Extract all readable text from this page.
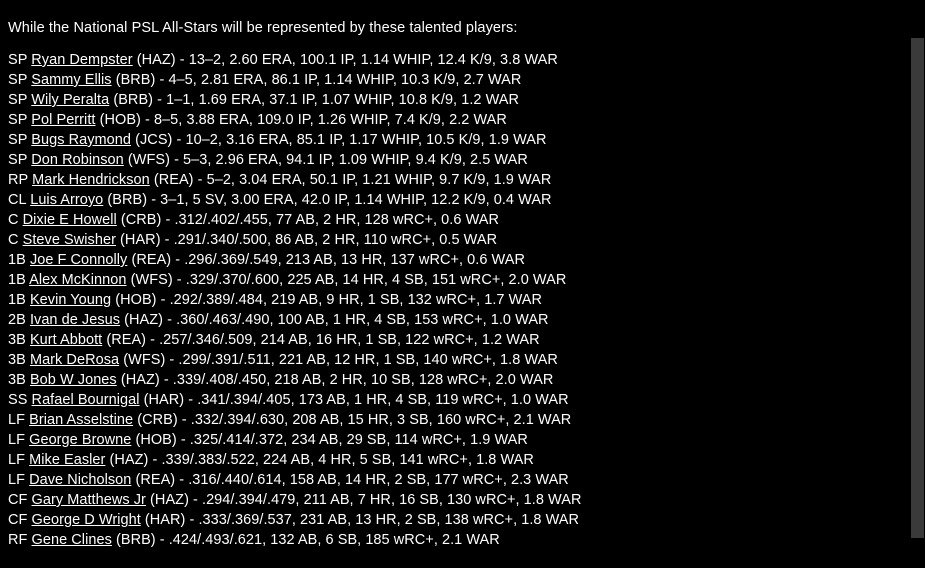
While the National PSL All-Stars will be represented by these talented players:

SP Ryan Dempster (HAZ) - 13–2, 2.60 ERA, 100.1 IP, 1.14 WHIP, 12.4 K/9, 3.8 WAR
SP Sammy Ellis (BRB) - 4–5, 2.81 ERA, 86.1 IP, 1.14 WHIP, 10.3 K/9, 2.7 WAR
SP Wily Peralta (BRB) - 1–1, 1.69 ERA, 37.1 IP, 1.07 WHIP, 10.8 K/9, 1.2 WAR
SP Pol Perritt (HOB) - 8–5, 3.88 ERA, 109.0 IP, 1.26 WHIP, 7.4 K/9, 2.2 WAR
SP Bugs Raymond (JCS) - 10–2, 3.16 ERA, 85.1 IP, 1.17 WHIP, 10.5 K/9, 1.9 WAR
SP Don Robinson (WFS) - 5–3, 2.96 ERA, 94.1 IP, 1.09 WHIP, 9.4 K/9, 2.5 WAR
RP Mark Hendrickson (REA) - 5–2, 3.04 ERA, 50.1 IP, 1.21 WHIP, 9.7 K/9, 1.9 WAR
CL Luis Arroyo (BRB) - 3–1, 5 SV, 3.00 ERA, 42.0 IP, 1.14 WHIP, 12.2 K/9, 0.4 WAR
C Dixie E Howell (CRB) - .312/.402/.455, 77 AB, 2 HR, 128 wRC+, 0.6 WAR
C Steve Swisher (HAR) - .291/.340/.500, 86 AB, 2 HR, 110 wRC+, 0.5 WAR
1B Joe F Connolly (REA) - .296/.369/.549, 213 AB, 13 HR, 137 wRC+, 0.6 WAR
1B Alex McKinnon (WFS) - .329/.370/.600, 225 AB, 14 HR, 4 SB, 151 wRC+, 2.0 WAR
1B Kevin Young (HOB) - .292/.389/.484, 219 AB, 9 HR, 1 SB, 132 wRC+, 1.7 WAR
2B Ivan de Jesus (HAZ) - .360/.463/.490, 100 AB, 1 HR, 4 SB, 153 wRC+, 1.0 WAR
3B Kurt Abbott (REA) - .257/.346/.509, 214 AB, 16 HR, 1 SB, 122 wRC+, 1.2 WAR
3B Mark DeRosa (WFS) - .299/.391/.511, 221 AB, 12 HR, 1 SB, 140 wRC+, 1.8 WAR
3B Bob W Jones (HAZ) - .339/.408/.450, 218 AB, 2 HR, 10 SB, 128 wRC+, 2.0 WAR
SS Rafael Bournigal (HAR) - .341/.394/.405, 173 AB, 1 HR, 4 SB, 119 wRC+, 1.0 WAR
LF Brian Asselstine (CRB) - .332/.394/.630, 208 AB, 15 HR, 3 SB, 160 wRC+, 2.1 WAR
LF George Browne (HOB) - .325/.414/.372, 234 AB, 29 SB, 114 wRC+, 1.9 WAR
LF Mike Easler (HAZ) - .339/.383/.522, 224 AB, 4 HR, 5 SB, 141 wRC+, 1.8 WAR
LF Dave Nicholson (REA) - .316/.440/.614, 158 AB, 14 HR, 2 SB, 177 wRC+, 2.3 WAR
CF Gary Matthews Jr (HAZ) - .294/.394/.479, 211 AB, 7 HR, 16 SB, 130 wRC+, 1.8 WAR
CF George D Wright (HAR) - .333/.369/.537, 231 AB, 13 HR, 2 SB, 138 wRC+, 1.8 WAR
RF Gene Clines (BRB) - .424/.493/.621, 132 AB, 6 SB, 185 wRC+, 2.1 WAR
